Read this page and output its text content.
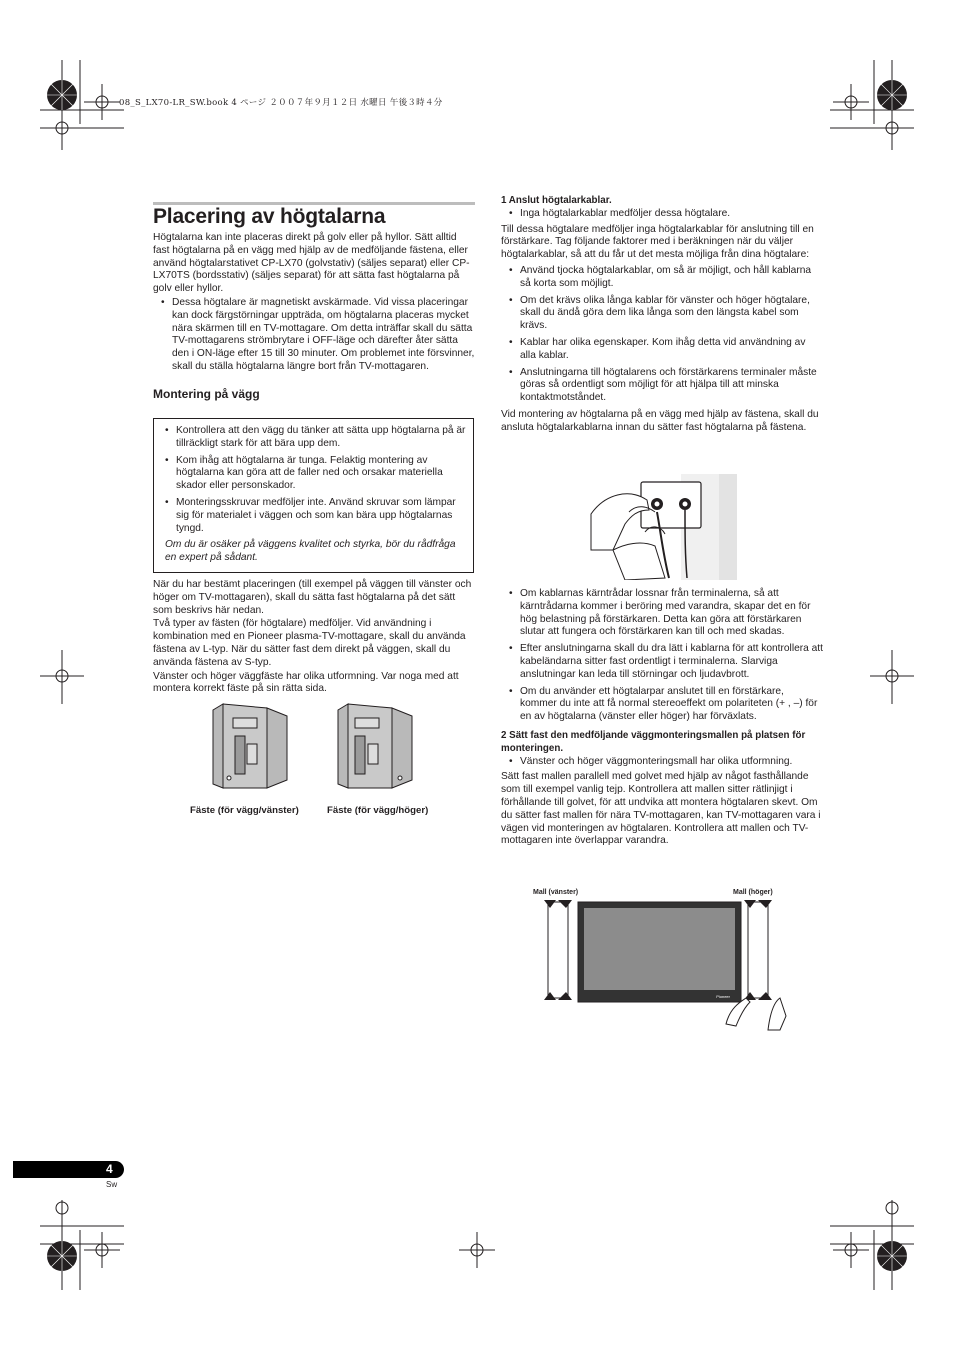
08_S_LX70-LR_SW.book 4 ページ ２００７年９月１２日 水曜日 午後３時４分
Placering av högtalarna

Högtalarna kan inte placeras direkt på golv eller på hyllor. Sätt alltid fast högtalarna på en vägg med hjälp av de medföljande fästena, eller använd högtalarstativet CP-LX70 (golvstativ) (säljes separat) eller CP-LX70TS (bordsstativ) (säljes separat) för att sätta fast högtalarna på golv eller hyllor.

• Dessa högtalare är magnetiskt avskärmade. Vid vissa placeringar kan dock färgstörningar uppträda, om högtalarna placeras mycket nära skärmen till en TV-mottagare. Om detta inträffar skall du sätta TV-mottagarens strömbrytare i OFF-läge och därefter åter sätta den i ON-läge efter 15 till 30 minuter. Om problemet inte försvinner, skall du ställa högtalarna längre bort från TV-mottagaren.

Montering på vägg

• Kontrollera att den vägg du tänker att sätta upp högtalarna på är tillräckligt stark för att bära upp dem.
• Kom ihåg att högtalarna är tunga. Felaktig montering av högtalarna kan göra att de faller ned och orsakar materiella skador eller personskador.
• Monteringsskruvar medföljer inte. Använd skruvar som lämpar sig för materialet i väggen och som kan bära upp högtalarnas tyngd.

Om du är osäker på väggens kvalitet och styrka, bör du rådfråga en expert på sådant.

När du har bestämt placeringen (till exempel på väggen till vänster och höger om TV-mottagaren), skall du sätta fast högtalarna på det sätt som beskrivs här nedan.

Två typer av fästen (för högtalare) medföljer. Vid användning i kombination med en Pioneer plasma-TV-mottagare, skall du använda fästena av L-typ. När du sätter fast dem direkt på väggen, skall du använda fästena av S-typ.

Vänster och höger väggfäste har olika utformning. Var noga med att montera korrekt fäste på sin rätta sida.

Fäste (för vägg/vänster)	Fäste (för vägg/höger)

1 Anslut högtalarkablar.

• Inga högtalarkablar medföljer dessa högtalare.

Till dessa högtalare medföljer inga högtalarkablar för anslutning till en förstärkare. Tag följande faktorer med i beräkningen när du väljer högtalarkablar, så att du får ut det mesta möjliga från dina högtalare:

• Använd tjocka högtalarkablar, om så är möjligt, och håll kablarna så korta som möjligt.
• Om det krävs olika långa kablar för vänster och höger högtalare, skall du ändå göra dem lika långa som den längsta kabel som krävs.
• Kablar har olika egenskaper. Kom ihåg detta vid användning av alla kablar.
• Anslutningarna till högtalarens och förstärkarens terminaler måste göras så ordentligt som möjligt för att hjälpa till att minska kontaktmotståndet.

Vid montering av högtalarna på en vägg med hjälp av fästena, skall du ansluta högtalarkablarna innan du sätter fast högtalarna på fästena.

• Om kablarnas kärntrådar lossnar från terminalerna, så att kärntrådarna kommer i beröring med varandra, skapar det en för hög belastning på förstärkaren. Detta kan göra att förstärkaren slutar att fungera och förstärkaren kan till och med skadas.
• Efter anslutningarna skall du dra lätt i kablarna för att kontrollera att kabeländarna sitter fast ordentligt i terminalerna. Slarviga anslutningar kan leda till störningar och ljudavbrott.
• Om du använder ett högtalarpar anslutet till en förstärkare, kommer du inte att få normal stereoeffekt om polariteten (+ , –) för en av högtalarna (vänster eller höger) har förväxlats.

2 Sätt fast den medföljande väggmonteringsmallen på platsen för monteringen.

• Vänster och höger väggmonteringsmall har olika utformning.

Sätt fast mallen parallell med golvet med hjälp av något fasthållande som till exempel vanlig tejp. Kontrollera att mallen sitter rätlinjigt i förhållande till golvet, för att undvika att montera högtalaren skevt. Om du sätter fast mallen för nära TV-mottagaren, kan TV-mottagaren vara i vägen vid monteringen av högtalaren. Kontrollera att mallen och TV-mottagaren inte överlappar varandra.

Mall (vänster)	Mall (höger)
Pioneer
4
Sw
